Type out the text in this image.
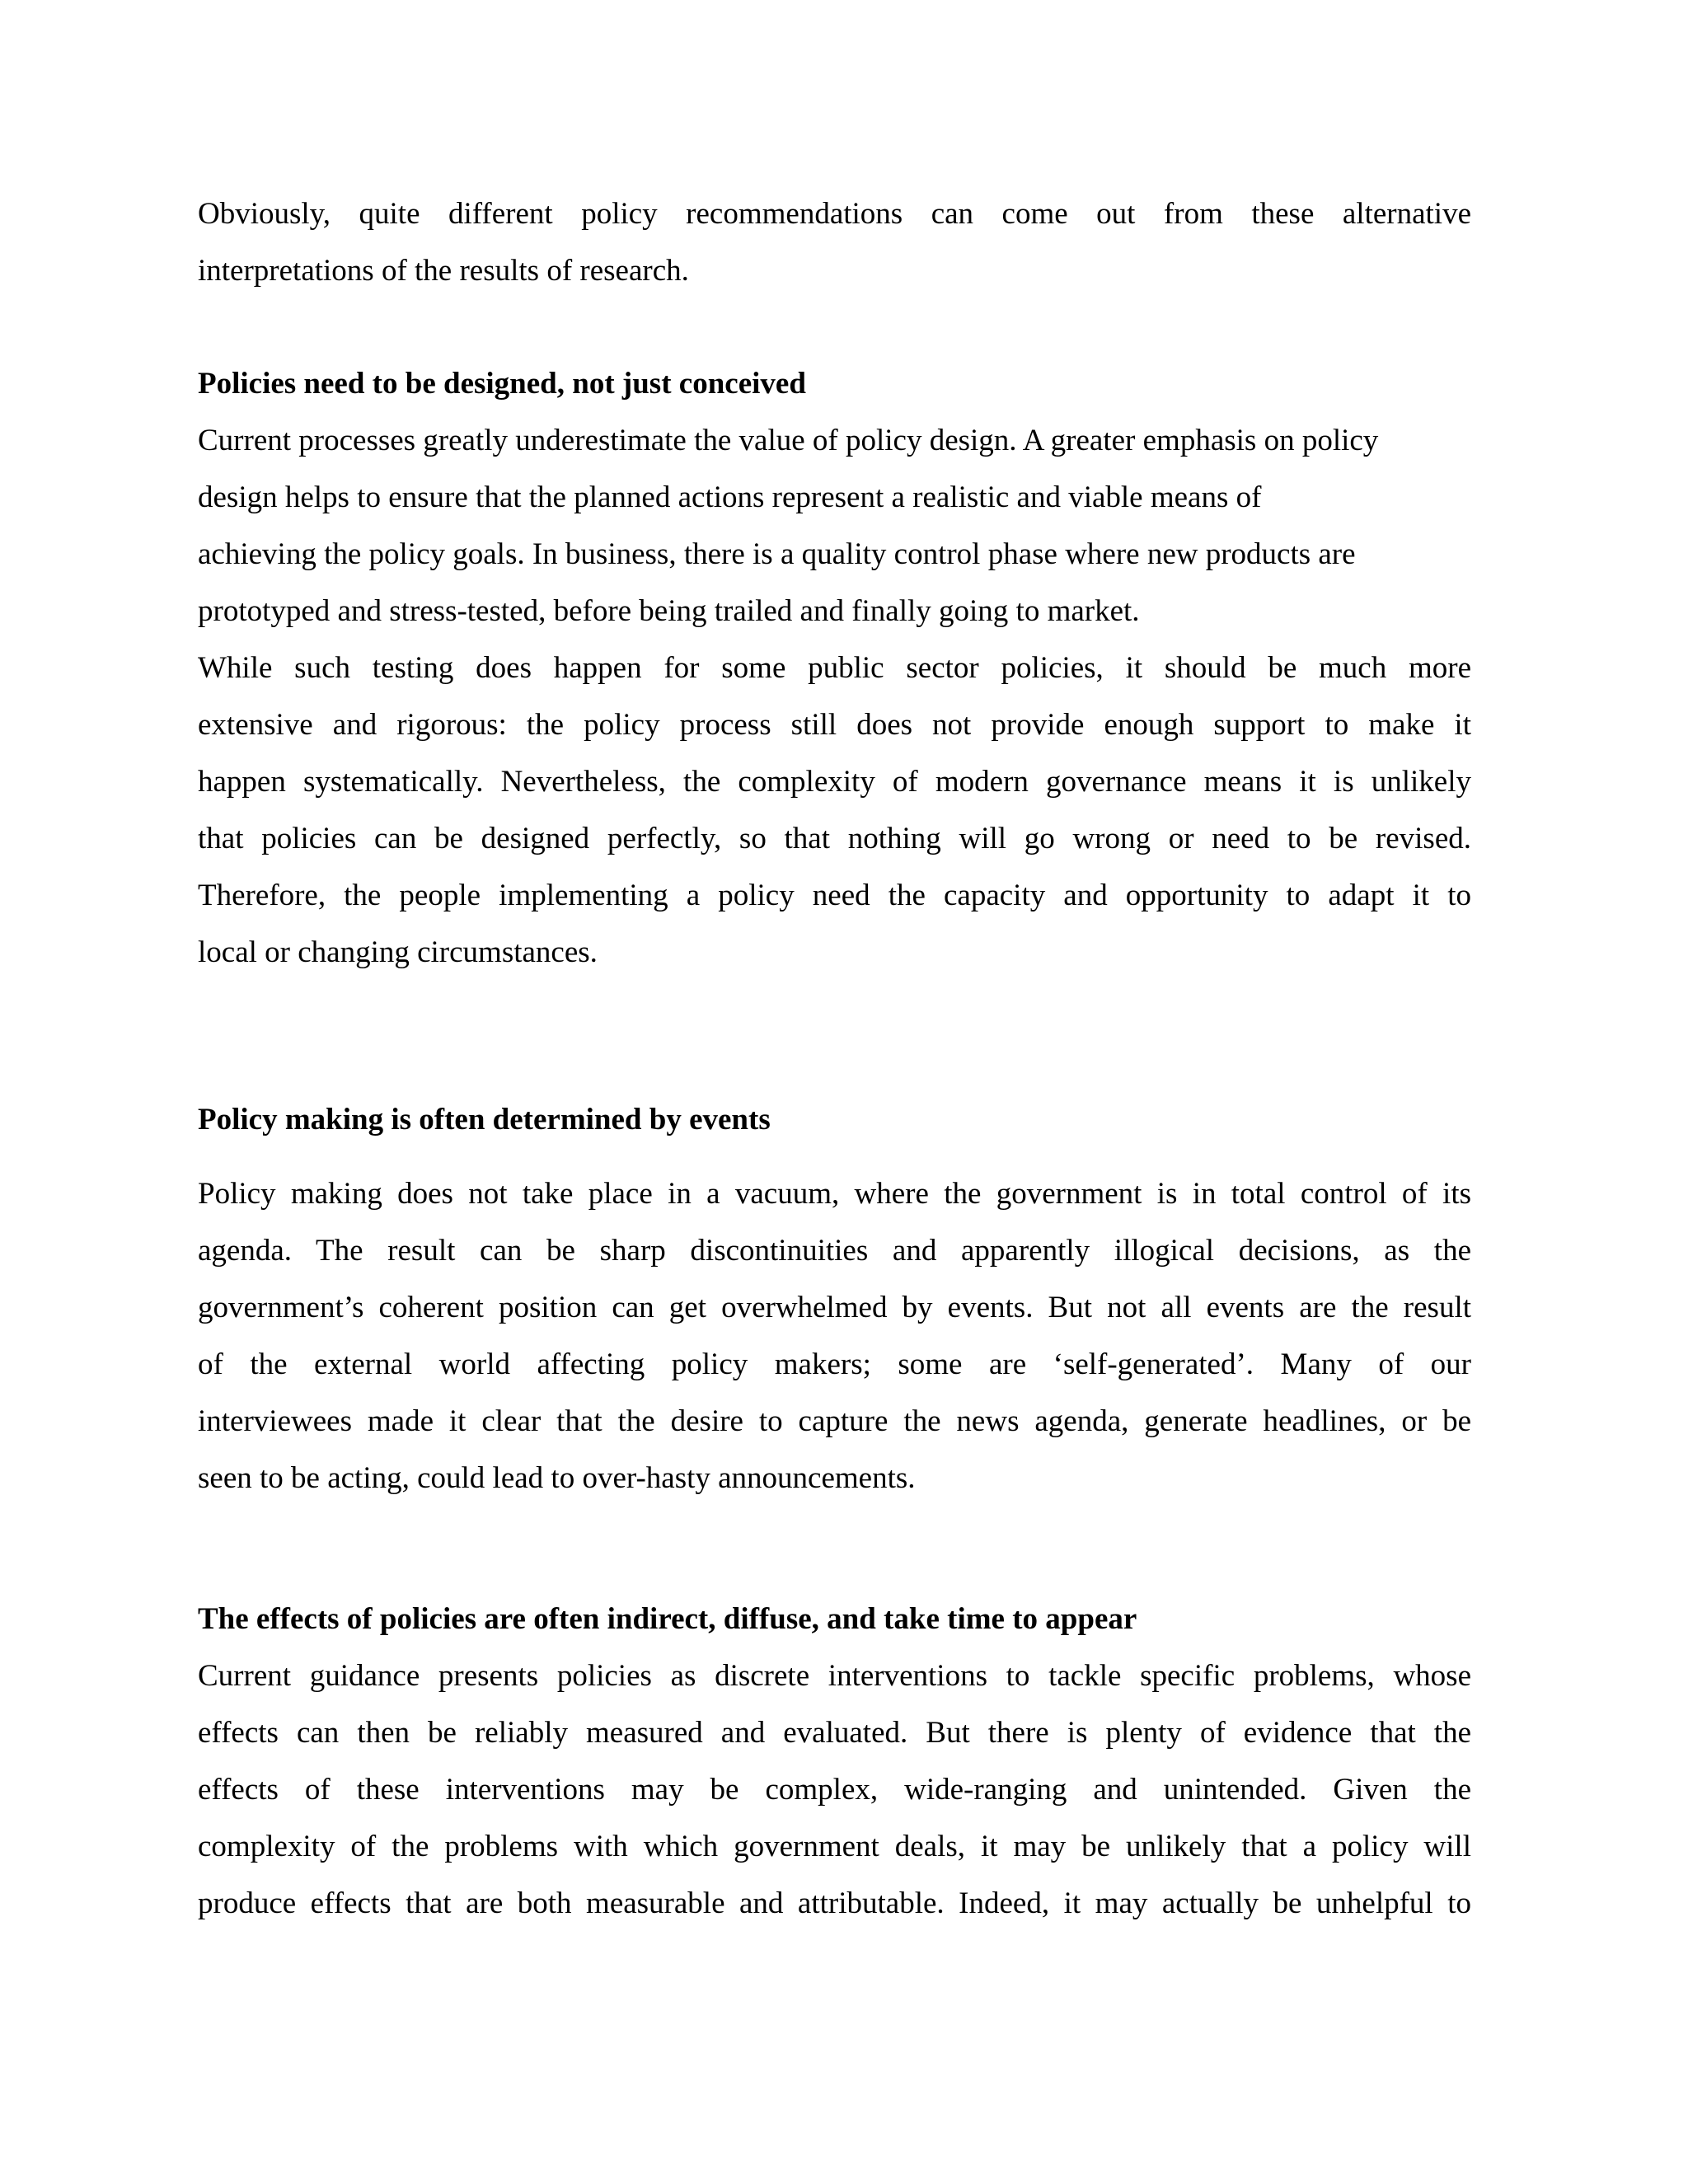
Obviously, quite different policy recommendations can come out from these alternative
interpretations of the results of research.
Policies need to be designed, not just conceived
Current processes greatly underestimate the value of policy design. A greater emphasis on policy
design helps to ensure that the planned actions represent a realistic and viable means of
achieving the policy goals. In business, there is a quality control phase where new products are
prototyped and stress-tested, before being trailed and finally going to market.
While such testing does happen for some public sector policies, it should be much more
extensive and rigorous: the policy process still does not provide enough support to make it
happen systematically. Nevertheless, the complexity of modern governance means it is unlikely
that policies can be designed perfectly, so that nothing will go wrong or need to be revised.
Therefore, the people implementing a policy need the capacity and opportunity to adapt it to
local or changing circumstances.
Policy making is often determined by events
Policy making does not take place in a vacuum, where the government is in total control of its
agenda. The result can be sharp discontinuities and apparently illogical decisions, as the
government’s coherent position can get overwhelmed by events. But not all events are the result
of the external world affecting policy makers; some are ‘self-generated’. Many of our
interviewees made it clear that the desire to capture the news agenda, generate headlines, or be
seen to be acting, could lead to over-hasty announcements.
The effects of policies are often indirect, diffuse, and take time to appear
Current guidance presents policies as discrete interventions to tackle specific problems, whose
effects can then be reliably measured and evaluated. But there is plenty of evidence that the
effects of these interventions may be complex, wide-ranging and unintended. Given the
complexity of the problems with which government deals, it may be unlikely that a policy will
produce effects that are both measurable and attributable. Indeed, it may actually be unhelpful to
